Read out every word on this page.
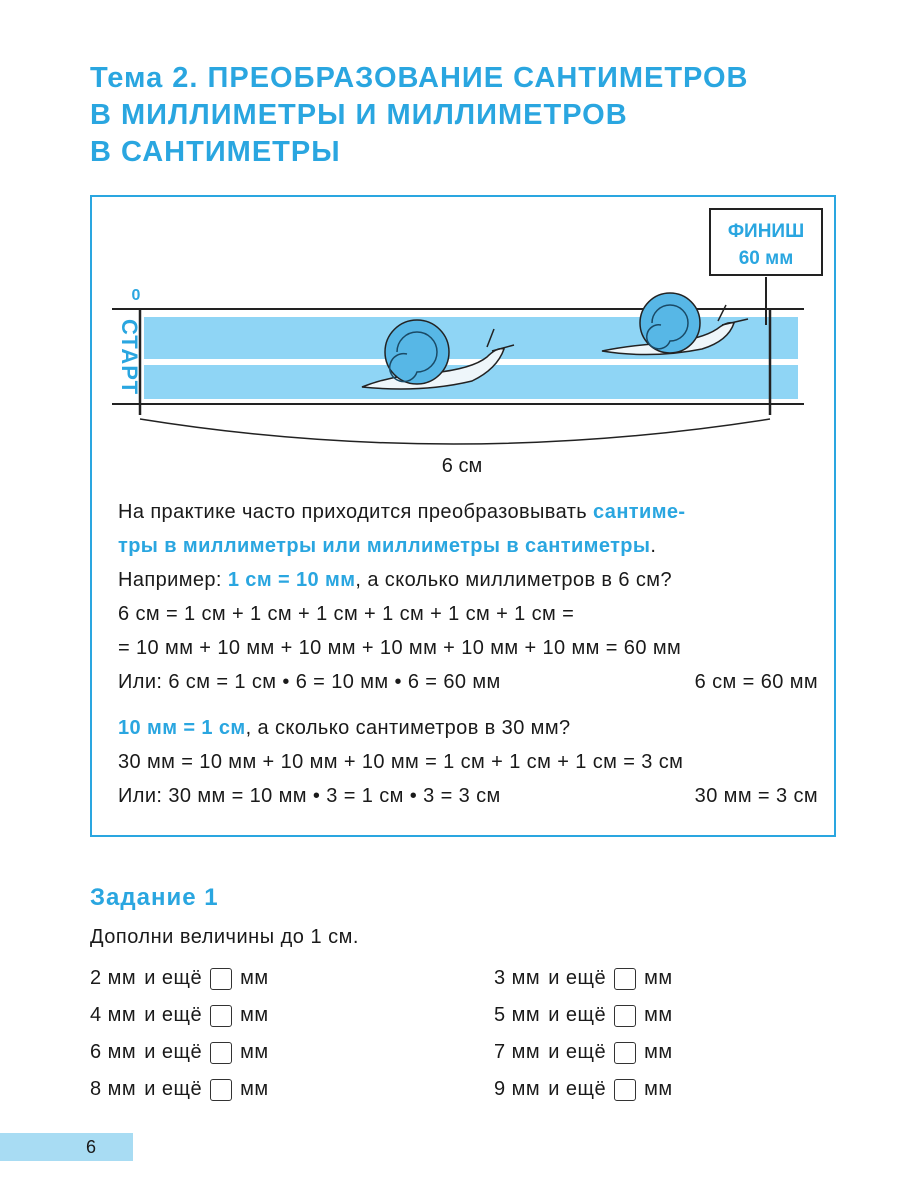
Тема 2. ПРЕОБРАЗОВАНИЕ САНТИМЕТРОВ
В МИЛЛИМЕТРЫ И МИЛЛИМЕТРОВ
В САНТИМЕТРЫ
СТАРТ
0
ФИНИШ
60 мм
6 см

На практике часто приходится преобразовывать сантиме-

тры в миллиметры или миллиметры в сантиметры.

Например: 1 см = 10 мм, а сколько миллиметров в 6 см?

6 см = 1 см + 1 см + 1 см + 1 см + 1 см + 1 см =

= 10 мм + 10 мм + 10 мм + 10 мм + 10 мм + 10 мм = 60 мм

Или: 6 см = 1 см • 6 = 10 мм • 6 = 60 мм	6 см = 60 мм

10 мм = 1 см, а сколько сантиметров в 30 мм?

30 мм = 10 мм + 10 мм + 10 мм = 1 см + 1 см + 1 см = 3 см

Или: 30 мм = 10 мм • 3 = 1 см • 3 = 3 см	30 мм = 3 см

Задание 1

Дополни величины до 1 см.

2 мм и ещё мм	3 мм и ещё мм
4 мм и ещё мм	5 мм и ещё мм
6 мм и ещё мм	7 мм и ещё мм
8 мм и ещё мм	9 мм и ещё мм
6
